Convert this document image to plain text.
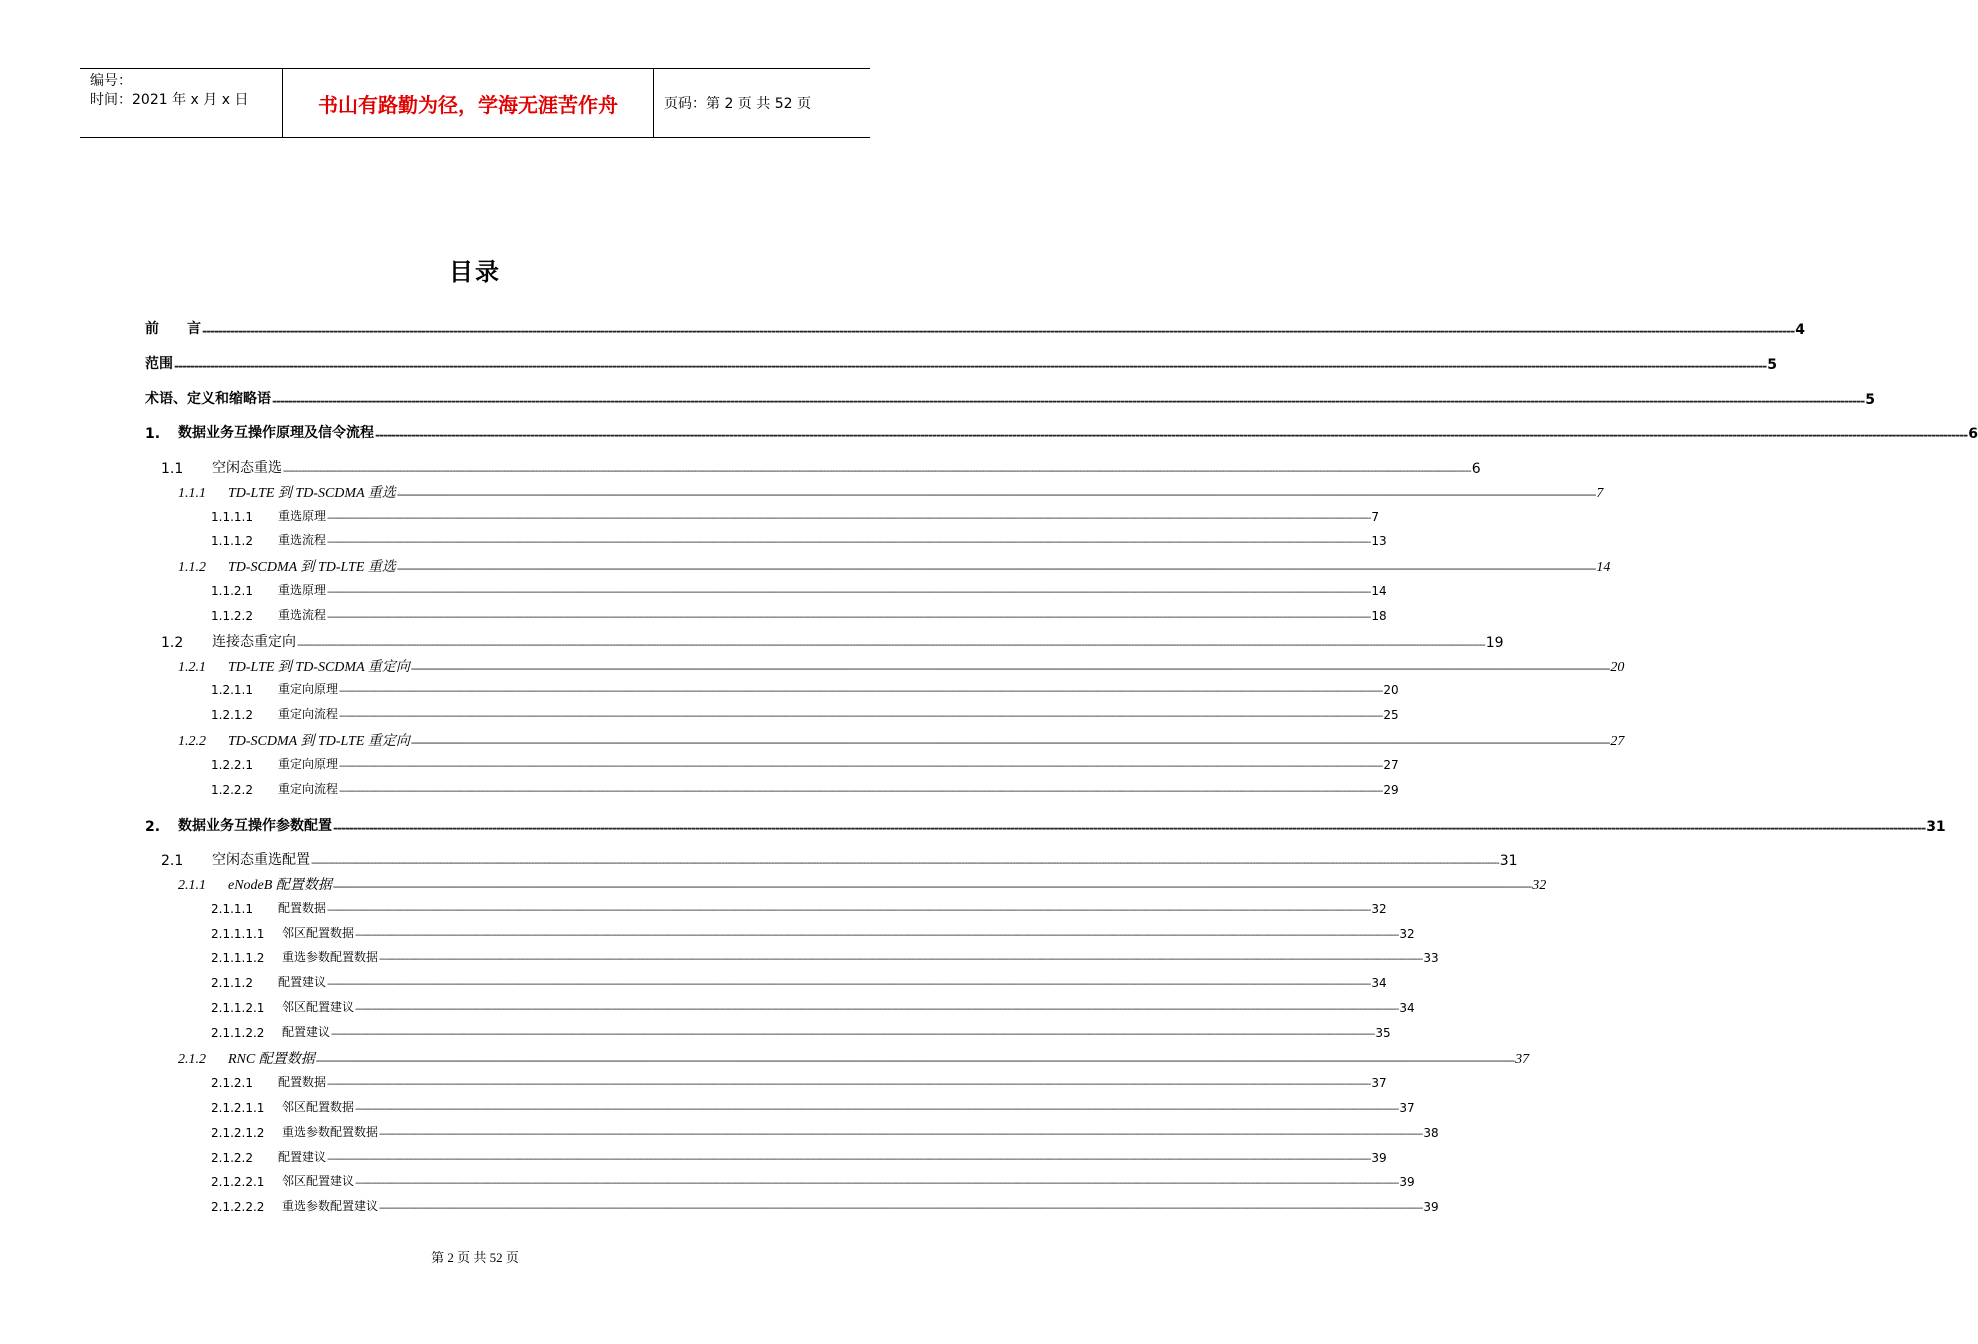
编号：
时间：2021 年 x 月 x 日	书山有路勤为径，学海无涯苦作舟	页码：第 2 页 共 52 页
目录
前　　言 ---------------------------------------------------------------------------------------------------------------------------------------------------------------------------------------------------------------------------------------------------------------------------------------------------------------------------------------------------------------------------------------------------------------- 4
范围 ---------------------------------------------------------------------------------------------------------------------------------------------------------------------------------------------------------------------------------------------------------------------------------------------------------------------------------------------------------------------------------------------------------------- 5
术语、定义和缩略语 ---------------------------------------------------------------------------------------------------------------------------------------------------------------------------------------------------------------------------------------------------------------------------------------------------------------------------------------------------------------------------------------------------------------- 5
1.	数据业务互操作原理及信令流程 ---------------------------------------------------------------------------------------------------------------------------------------------------------------------------------------------------------------------------------------------------------------------------------------------------------------------------------------------------------------------------------------------------------------- 6
1.1	空闲态重选 ---------------------------------------------------------------------------------------------------------------------------------------------------------------------------------------------------------------------------------------------------------------------------------------------------------------------------------------------------------------------------------------------------------------- 6
1.1.1	TD-LTE 到 TD-SCDMA 重选 ---------------------------------------------------------------------------------------------------------------------------------------------------------------------------------------------------------------------------------------------------------------------------------------------------------------------------------------------------------------------------------------------------------------- 7
1.1.1.1	重选原理 ---------------------------------------------------------------------------------------------------------------------------------------------------------------------------------------------------------------------------------------------------------------------------------------------------------------------------------------------------------------------------------------------------------------- 7
1.1.1.2	重选流程 ---------------------------------------------------------------------------------------------------------------------------------------------------------------------------------------------------------------------------------------------------------------------------------------------------------------------------------------------------------------------------------------------------------------- 13
1.1.2	TD-SCDMA 到 TD-LTE 重选 ---------------------------------------------------------------------------------------------------------------------------------------------------------------------------------------------------------------------------------------------------------------------------------------------------------------------------------------------------------------------------------------------------------------- 14
1.1.2.1	重选原理 ---------------------------------------------------------------------------------------------------------------------------------------------------------------------------------------------------------------------------------------------------------------------------------------------------------------------------------------------------------------------------------------------------------------- 14
1.1.2.2	重选流程 ---------------------------------------------------------------------------------------------------------------------------------------------------------------------------------------------------------------------------------------------------------------------------------------------------------------------------------------------------------------------------------------------------------------- 18
1.2	连接态重定向 ---------------------------------------------------------------------------------------------------------------------------------------------------------------------------------------------------------------------------------------------------------------------------------------------------------------------------------------------------------------------------------------------------------------- 19
1.2.1	TD-LTE 到 TD-SCDMA 重定向 ---------------------------------------------------------------------------------------------------------------------------------------------------------------------------------------------------------------------------------------------------------------------------------------------------------------------------------------------------------------------------------------------------------------- 20
1.2.1.1	重定向原理 ---------------------------------------------------------------------------------------------------------------------------------------------------------------------------------------------------------------------------------------------------------------------------------------------------------------------------------------------------------------------------------------------------------------- 20
1.2.1.2	重定向流程 ---------------------------------------------------------------------------------------------------------------------------------------------------------------------------------------------------------------------------------------------------------------------------------------------------------------------------------------------------------------------------------------------------------------- 25
1.2.2	TD-SCDMA 到 TD-LTE 重定向 ---------------------------------------------------------------------------------------------------------------------------------------------------------------------------------------------------------------------------------------------------------------------------------------------------------------------------------------------------------------------------------------------------------------- 27
1.2.2.1	重定向原理 ---------------------------------------------------------------------------------------------------------------------------------------------------------------------------------------------------------------------------------------------------------------------------------------------------------------------------------------------------------------------------------------------------------------- 27
1.2.2.2	重定向流程 ---------------------------------------------------------------------------------------------------------------------------------------------------------------------------------------------------------------------------------------------------------------------------------------------------------------------------------------------------------------------------------------------------------------- 29
2.	数据业务互操作参数配置 ---------------------------------------------------------------------------------------------------------------------------------------------------------------------------------------------------------------------------------------------------------------------------------------------------------------------------------------------------------------------------------------------------------------- 31
2.1	空闲态重选配置 ---------------------------------------------------------------------------------------------------------------------------------------------------------------------------------------------------------------------------------------------------------------------------------------------------------------------------------------------------------------------------------------------------------------- 31
2.1.1	eNodeB 配置数据 ---------------------------------------------------------------------------------------------------------------------------------------------------------------------------------------------------------------------------------------------------------------------------------------------------------------------------------------------------------------------------------------------------------------- 32
2.1.1.1	配置数据 ---------------------------------------------------------------------------------------------------------------------------------------------------------------------------------------------------------------------------------------------------------------------------------------------------------------------------------------------------------------------------------------------------------------- 32
2.1.1.1.1	邻区配置数据 ---------------------------------------------------------------------------------------------------------------------------------------------------------------------------------------------------------------------------------------------------------------------------------------------------------------------------------------------------------------------------------------------------------------- 32
2.1.1.1.2	重选参数配置数据 ---------------------------------------------------------------------------------------------------------------------------------------------------------------------------------------------------------------------------------------------------------------------------------------------------------------------------------------------------------------------------------------------------------------- 33
2.1.1.2	配置建议 ---------------------------------------------------------------------------------------------------------------------------------------------------------------------------------------------------------------------------------------------------------------------------------------------------------------------------------------------------------------------------------------------------------------- 34
2.1.1.2.1	邻区配置建议 ---------------------------------------------------------------------------------------------------------------------------------------------------------------------------------------------------------------------------------------------------------------------------------------------------------------------------------------------------------------------------------------------------------------- 34
2.1.1.2.2	配置建议 ---------------------------------------------------------------------------------------------------------------------------------------------------------------------------------------------------------------------------------------------------------------------------------------------------------------------------------------------------------------------------------------------------------------- 35
2.1.2	RNC 配置数据 ---------------------------------------------------------------------------------------------------------------------------------------------------------------------------------------------------------------------------------------------------------------------------------------------------------------------------------------------------------------------------------------------------------------- 37
2.1.2.1	配置数据 ---------------------------------------------------------------------------------------------------------------------------------------------------------------------------------------------------------------------------------------------------------------------------------------------------------------------------------------------------------------------------------------------------------------- 37
2.1.2.1.1	邻区配置数据 ---------------------------------------------------------------------------------------------------------------------------------------------------------------------------------------------------------------------------------------------------------------------------------------------------------------------------------------------------------------------------------------------------------------- 37
2.1.2.1.2	重选参数配置数据 ---------------------------------------------------------------------------------------------------------------------------------------------------------------------------------------------------------------------------------------------------------------------------------------------------------------------------------------------------------------------------------------------------------------- 38
2.1.2.2	配置建议 ---------------------------------------------------------------------------------------------------------------------------------------------------------------------------------------------------------------------------------------------------------------------------------------------------------------------------------------------------------------------------------------------------------------- 39
2.1.2.2.1	邻区配置建议 ---------------------------------------------------------------------------------------------------------------------------------------------------------------------------------------------------------------------------------------------------------------------------------------------------------------------------------------------------------------------------------------------------------------- 39
2.1.2.2.2	重选参数配置建议 ---------------------------------------------------------------------------------------------------------------------------------------------------------------------------------------------------------------------------------------------------------------------------------------------------------------------------------------------------------------------------------------------------------------- 39
第 2 页 共 52 页
